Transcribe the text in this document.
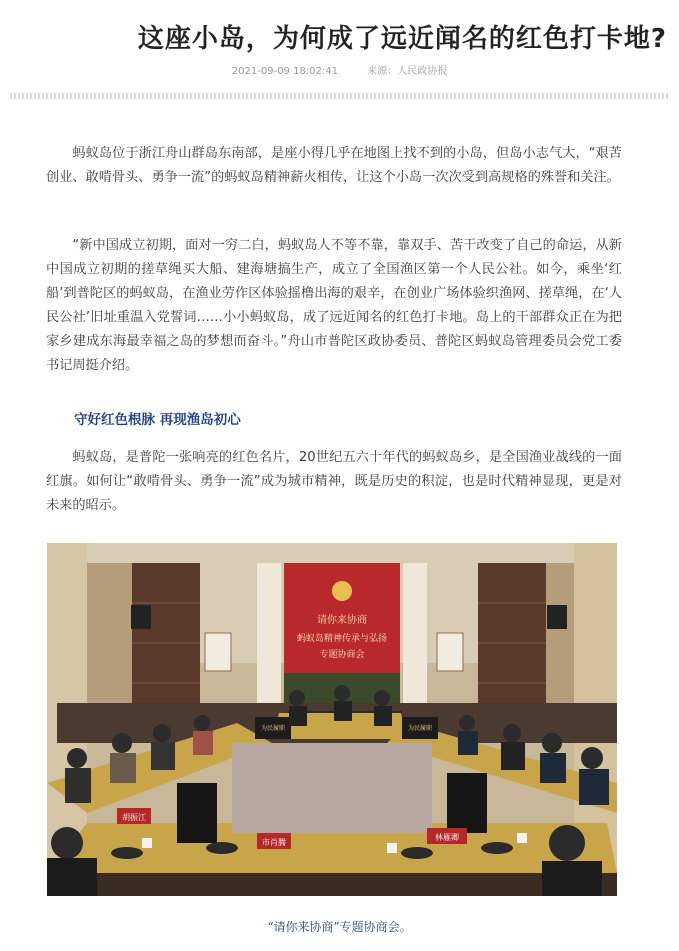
这座小岛，为何成了远近闻名的红色打卡地?
2021-09-09 18:02:41	来源：人民政协报

蚂蚁岛位于浙江舟山群岛东南部，是座小得几乎在地图上找不到的小岛，但岛小志气大，“艰苦创业、敢啃骨头、勇争一流”的蚂蚁岛精神薪火相传，让这个小岛一次次受到高规格的殊誉和关注。

“新中国成立初期，面对一穷二白，蚂蚁岛人不等不靠，靠双手、苦干改变了自己的命运，从新中国成立初期的搓草绳买大船、建海塘搞生产，成立了全国渔区第一个人民公社。如今，乘坐‘红船’到普陀区的蚂蚁岛，在渔业劳作区体验摇橹出海的艰辛，在创业广场体验织渔网、搓草绳，在‘人民公社’旧址重温入党誓词……小小蚂蚁岛，成了远近闻名的红色打卡地。岛上的干部群众正在为把家乡建成东海最幸福之岛的梦想而奋斗。”舟山市普陀区政协委员、普陀区蚂蚁岛管理委员会党工委书记周挺介绍。

守好红色根脉 再现渔岛初心

蚂蚁岛，是普陀一张响亮的红色名片，20世纪五六十年代的蚂蚁岛乡，是全国渔业战线的一面红旗。如何让“敢啃骨头、勇争一流”成为城市精神，既是历史的积淀，也是时代精神显现，更是对未来的昭示。

请你来协商
蚂蚁岛精神传承与弘扬
专题协商会
为民履职	为民履职
胡振江
市肖腾
林雁卿
“请你来协商”专题协商会。
